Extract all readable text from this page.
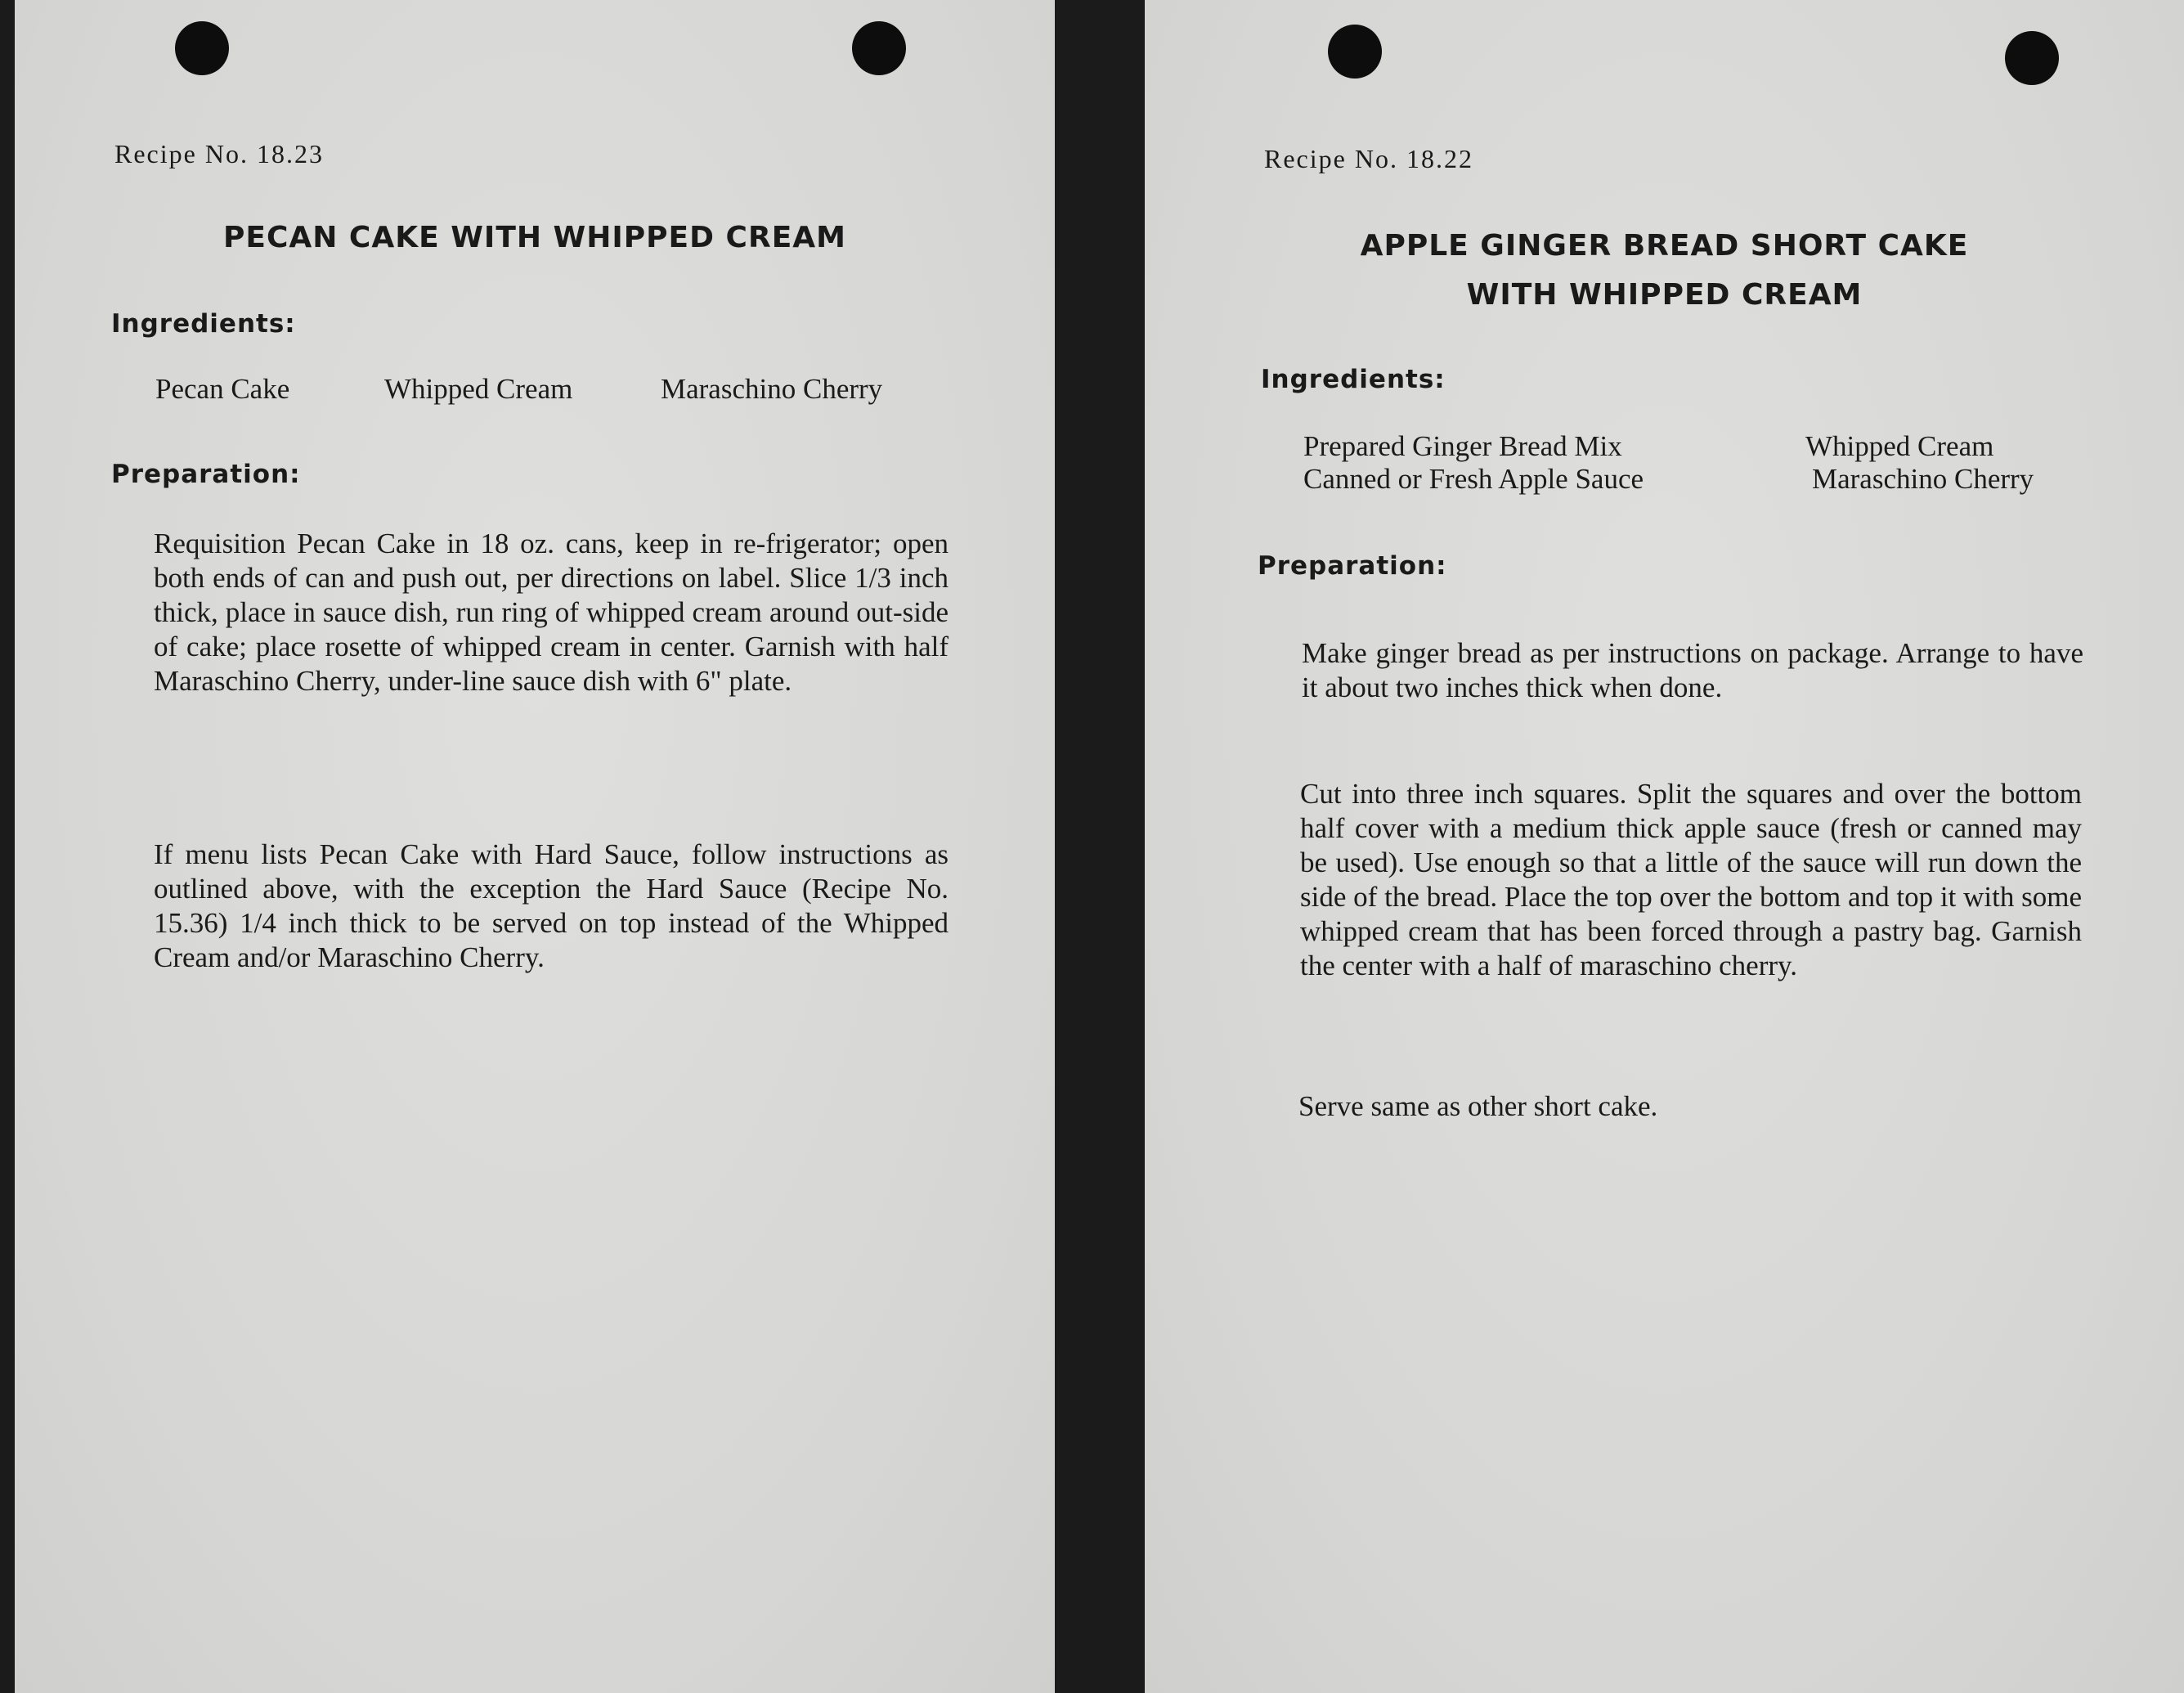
Recipe No. 18.23
PECAN CAKE WITH WHIPPED CREAM
Ingredients:
Pecan Cake	Whipped Cream	Maraschino Cherry
Preparation:

Requisition Pecan Cake in 18 oz. cans, keep in re-frigerator; open both ends of can and push out, per directions on label. Slice 1/3 inch thick, place in sauce dish, run ring of whipped cream around out-side of cake; place rosette of whipped cream in center. Garnish with half Maraschino Cherry, under-line sauce dish with 6" plate.

If menu lists Pecan Cake with Hard Sauce, follow instructions as outlined above, with the exception the Hard Sauce (Recipe No. 15.36) 1/4 inch thick to be served on top instead of the Whipped Cream and/or Maraschino Cherry.

Recipe No. 18.22
APPLE GINGER BREAD SHORT CAKE
WITH WHIPPED CREAM
Ingredients:
Prepared Ginger Bread Mix	Whipped Cream
Canned or Fresh Apple Sauce	Maraschino Cherry
Preparation:

Make ginger bread as per instructions on package. Arrange to have it about two inches thick when done.

Cut into three inch squares. Split the squares and over the bottom half cover with a medium thick apple sauce (fresh or canned may be used). Use enough so that a little of the sauce will run down the side of the bread. Place the top over the bottom and top it with some whipped cream that has been forced through a pastry bag. Garnish the center with a half of maraschino cherry.

Serve same as other short cake.
